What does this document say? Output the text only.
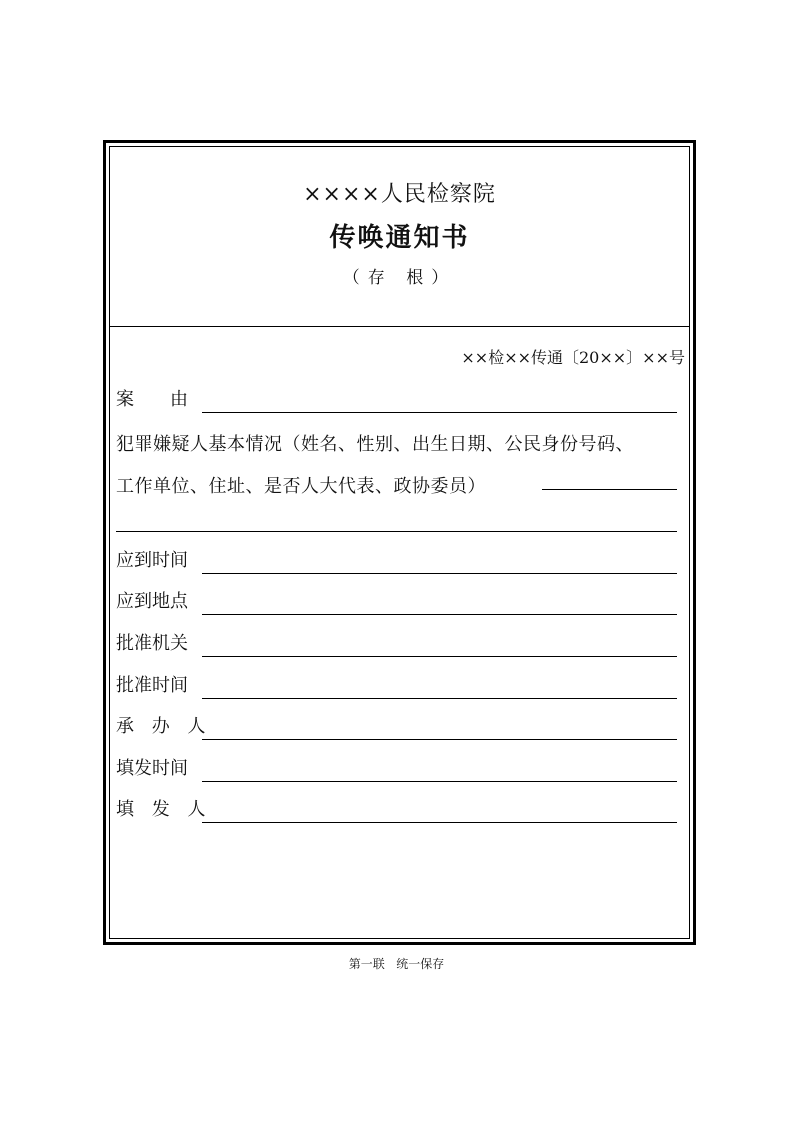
××××人民检察院
传唤通知书
（存 根）
××检××传通〔20××〕××号
案　　由
犯罪嫌疑人基本情况（姓名、性别、出生日期、公民身份号码、
工作单位、住址、是否人大代表、政协委员）
应到时间
应到地点
批准机关
批准时间
承 办 人
填发时间
填 发 人
第一联   统一保存
